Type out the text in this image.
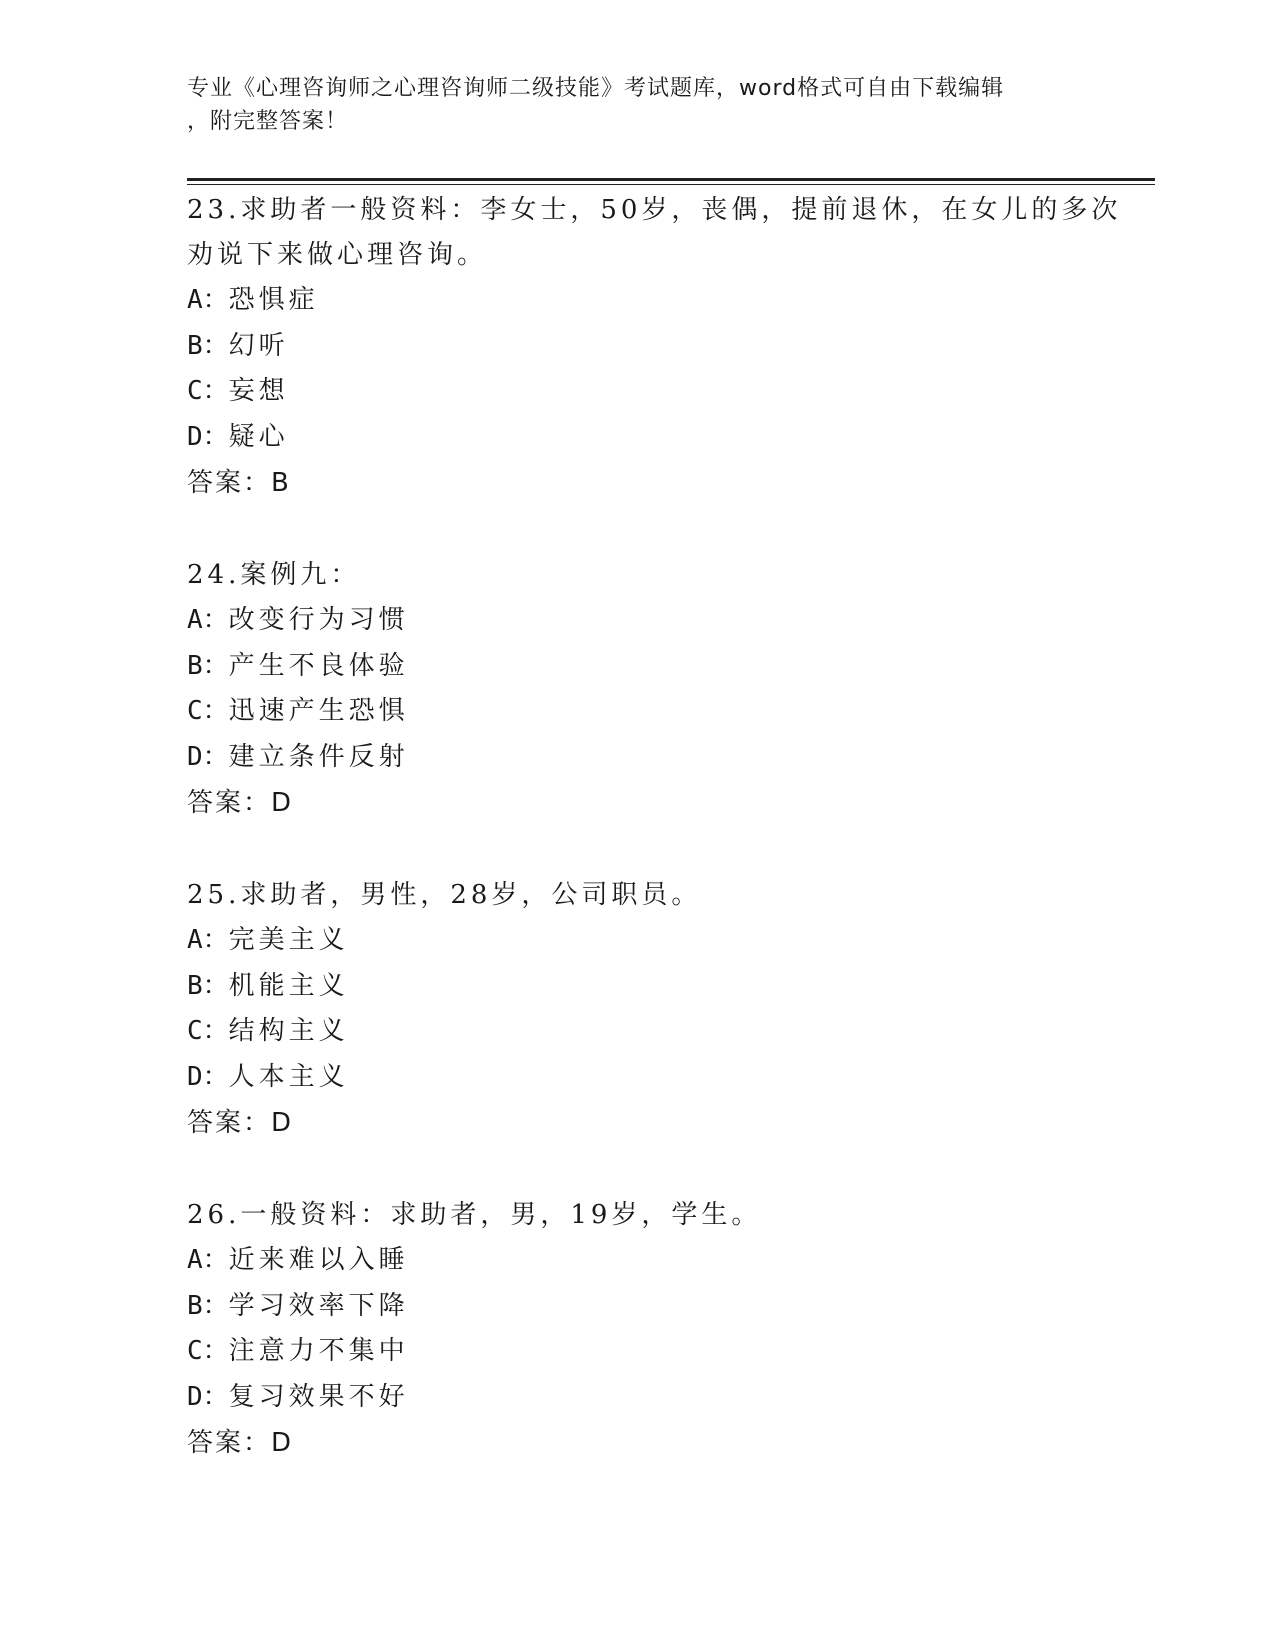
专业《心理咨询师之心理咨询师二级技能》考试题库，word格式可自由下载编辑
，附完整答案！
23.求助者一般资料：李女士，50岁，丧偶，提前退休，在女儿的多次
劝说下来做心理咨询。
A：恐惧症
B：幻听
C：妄想
D：疑心
答案：B
24.案例九：
A：改变行为习惯
B：产生不良体验
C：迅速产生恐惧
D：建立条件反射
答案：D
25.求助者，男性，28岁，公司职员。
A：完美主义
B：机能主义
C：结构主义
D：人本主义
答案：D
26.一般资料：求助者，男，19岁，学生。
A：近来难以入睡
B：学习效率下降
C：注意力不集中
D：复习效果不好
答案：D
